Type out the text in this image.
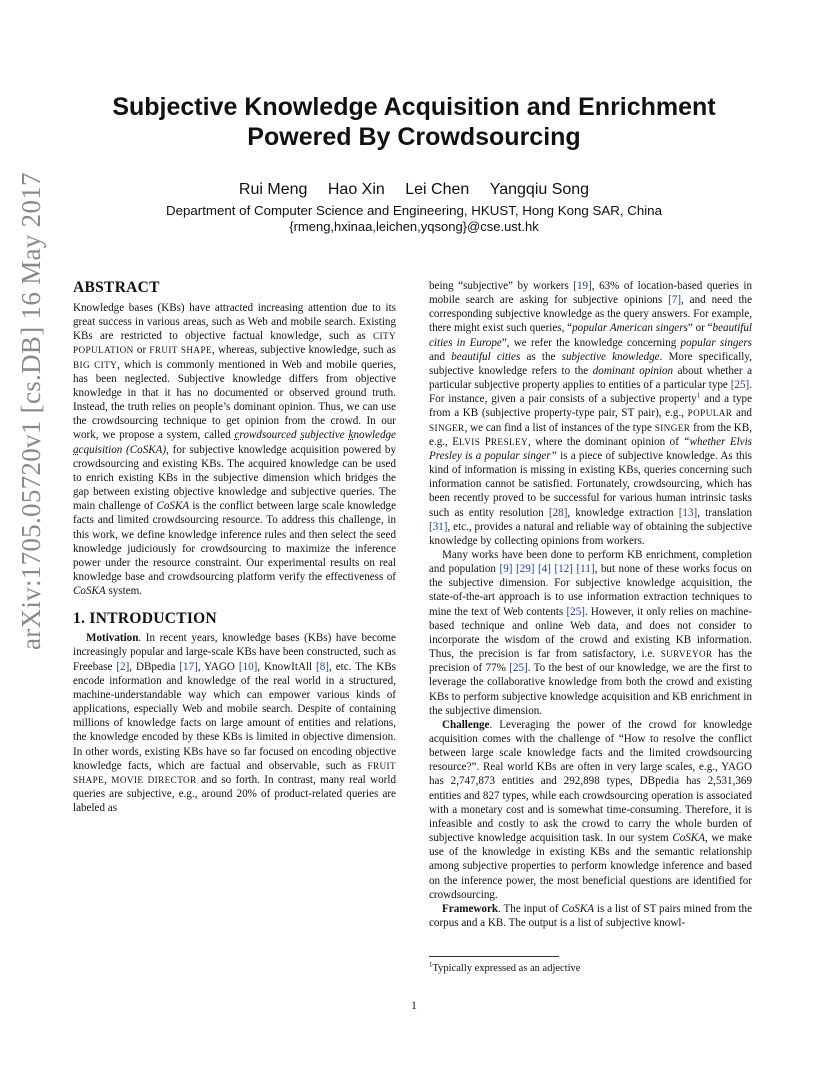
arXiv:1705.05720v1 [cs.DB] 16 May 2017
Subjective Knowledge Acquisition and Enrichment
Powered By Crowdsourcing
Rui Meng Hao Xin Lei Chen Yangqiu Song
Department of Computer Science and Engineering, HKUST, Hong Kong SAR, China
{rmeng,hxinaa,leichen,yqsong}@cse.ust.hk
ABSTRACT

Knowledge bases (KBs) have attracted increasing attention due to its great success in various areas, such as Web and mobile search. Existing KBs are restricted to objective factual knowledge, such as CITY POPULATION or FRUIT SHAPE, whereas, subjective knowledge, such as BIG CITY, which is commonly mentioned in Web and mobile queries, has been neglected. Subjective knowledge differs from objective knowledge in that it has no documented or observed ground truth. Instead, the truth relies on people’s dominant opinion. Thus, we can use the crowdsourcing technique to get opinion from the crowd. In our work, we propose a system, called crowdsourced subjective knowledge acquisition (CoSKA), for subjective knowledge acquisition powered by crowdsourcing and existing KBs. The acquired knowledge can be used to enrich existing KBs in the subjective dimension which bridges the gap between existing objective knowledge and subjective queries. The main challenge of CoSKA is the conflict between large scale knowledge facts and limited crowdsourcing resource. To address this challenge, in this work, we define knowledge inference rules and then select the seed knowledge judiciously for crowdsourcing to maximize the inference power under the resource constraint. Our experimental results on real knowledge base and crowdsourcing platform verify the effectiveness of CoSKA system.

1. INTRODUCTION

Motivation. In recent years, knowledge bases (KBs) have become increasingly popular and large-scale KBs have been constructed, such as Freebase [ 2 ] , DBpedia [ 17 ] , YAGO [ 10 ] , KnowItAll [ 8 ] , etc. The KBs encode information and knowledge of the real world in a structured, machine-understandable way which can empower various kinds of applications, especially Web and mobile search. Despite of containing millions of knowledge facts on large amount of entities and relations, the knowledge encoded by these KBs is limited in objective dimension. In other words, existing KBs have so far focused on encoding objective knowledge facts, which are factual and observable, such as FRUIT SHAPE, MOVIE DIRECTOR and so forth. In contrast, many real world queries are subjective, e.g., around 20% of product-related queries are labeled as

being “subjective” by workers [ 19 ] , 63% of location-based queries in mobile search are asking for subjective opinions [ 7 ] , and need the corresponding subjective knowledge as the query answers. For example, there might exist such queries, “popular American singers” or “beautiful cities in Europe”, we refer the knowledge concerning popular singers and beautiful cities as the subjective knowledge. More specifically, subjective knowledge refers to the dominant opinion about whether a particular subjective property applies to entities of a particular type [ 25 ] . For instance, given a pair consists of a subjective property$^1$ and a type from a KB (subjective property-type pair, ST pair), e.g., POPULAR and SINGER, we can find a list of instances of the type SINGER from the KB, e.g., ELVIS PRESLEY, where the dominant opinion of “whether Elvis Presley is a popular singer” is a piece of subjective knowledge. As this kind of information is missing in existing KBs, queries concerning such information cannot be satisfied. Fortunately, crowdsourcing, which has been recently proved to be successful for various human intrinsic tasks such as entity resolution [ 28 ] , knowledge extraction [ 13 ] , translation [ 31 ] , etc., provides a natural and reliable way of obtaining the subjective knowledge by collecting opinions from workers.

Many works have been done to perform KB enrichment, completion and population [ 9 ] [ 29 ] [ 4 ] [ 12 ] [ 11 ] , but none of these works focus on the subjective dimension. For subjective knowledge acquisition, the state-of-the-art approach is to use information extraction techniques to mine the text of Web contents [ 25 ] . However, it only relies on machine-based technique and online Web data, and does not consider to incorporate the wisdom of the crowd and existing KB information. Thus, the precision is far from satisfactory, i.e. SURVEYOR has the precision of 77% [ 25 ] . To the best of our knowledge, we are the first to leverage the collaborative knowledge from both the crowd and existing KBs to perform subjective knowledge acquisition and KB enrichment in the subjective dimension.

Challenge. Leveraging the power of the crowd for knowledge acquisition comes with the challenge of “How to resolve the conflict between large scale knowledge facts and the limited crowdsourcing resource?”. Real world KBs are often in very large scales, e.g., YAGO has 2,747,873 entities and 292,898 types, DBpedia has 2,531,369 entities and 827 types, while each crowdsourcing operation is associated with a monetary cost and is somewhat time-consuming. Therefore, it is infeasible and costly to ask the crowd to carry the whole burden of subjective knowledge acquisition task. In our system CoSKA, we make use of the knowledge in existing KBs and the semantic relationship among subjective properties to perform knowledge inference and based on the inference power, the most beneficial questions are identified for crowdsourcing.

Framework. The input of CoSKA is a list of ST pairs mined from the corpus and a KB. The output is a list of subjective knowl-

$^1$Typically expressed as an adjective
1
